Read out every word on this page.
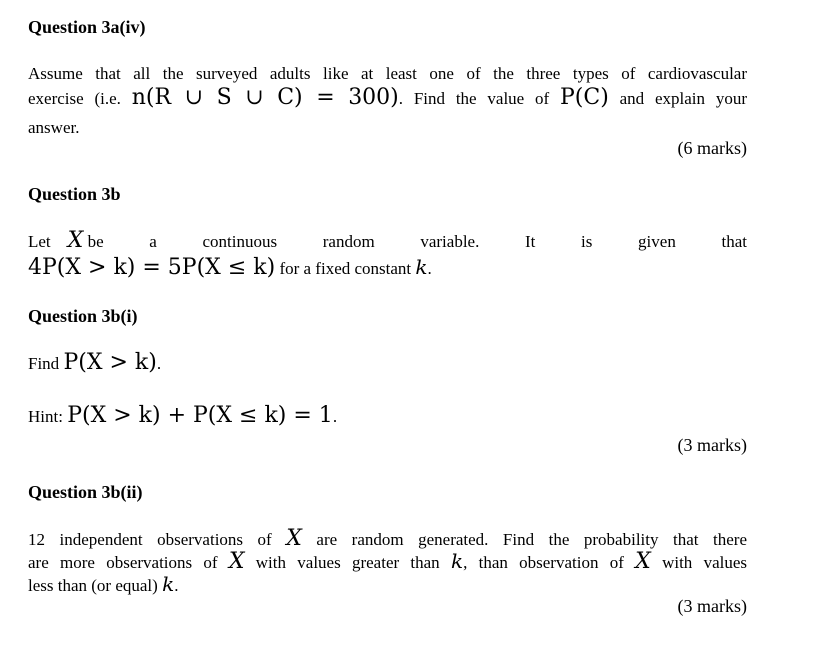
Question 3a(iv)
Assume that all the surveyed adults like at least one of the three types of cardiovascular
exercise (i.e. n(R ∪ S ∪ C) = 300). Find the value of P(C) and explain your
answer.
(6 marks)
Question 3b
Let X be	a	continuous	random	variable.	It	is	given	that
4P(X > k) = 5P(X ≤ k) for a fixed constant k.
Question 3b(i)
Find P(X > k).
Hint: P(X > k) + P(X ≤ k) = 1.
(3 marks)
Question 3b(ii)
12 independent observations of X are random generated. Find the probability that there
are more observations of X with values greater than k, than observation of X with values
less than (or equal) k.
(3 marks)
